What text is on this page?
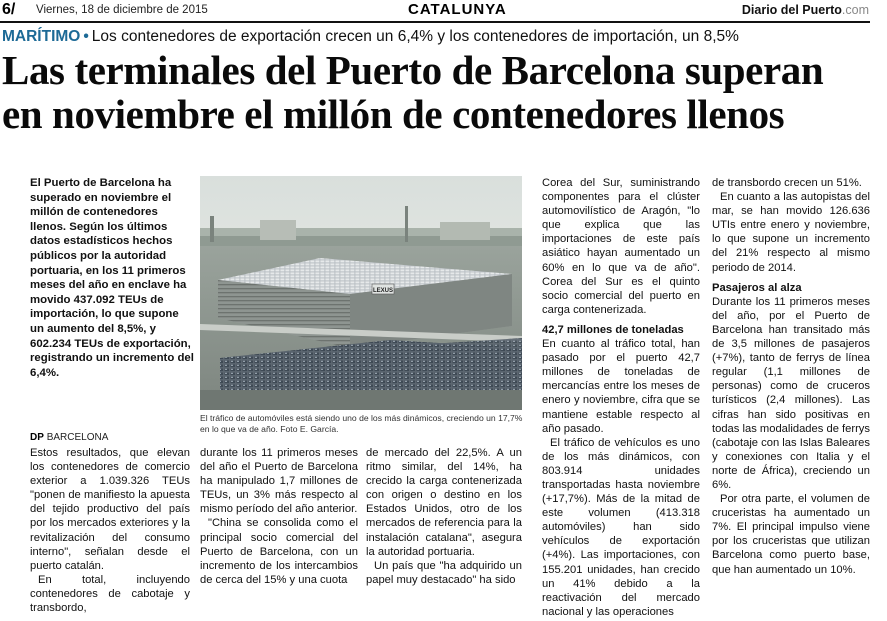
6/ Viernes, 18 de diciembre de 2015	CATALUNYA	Diario del Puerto.com
MARÍTIMO • Los contenedores de exportación crecen un 6,4% y los contenedores de importación, un 8,5%
Las terminales del Puerto de Barcelona superan
en noviembre el millón de contenedores llenos
El Puerto de Barcelona ha superado en noviembre el millón de contenedores llenos. Según los últimos datos estadísticos hechos públicos por la autoridad portuaria, en los 11 primeros meses del año en enclave ha movido 437.092 TEUs de importación, lo que supone un aumento del 8,5%, y 602.234 TEUs de exportación, registrando un incremento del 6,4%.
LEXUS
El tráfico de automóviles está siendo uno de los más dinámicos, creciendo un 17,7% en lo que va de año. Foto E. García.
DP BARCELONA

Estos resultados, que elevan los contenedores de comercio exterior a 1.039.326 TEUs "ponen de manifiesto la apuesta del tejido productivo del país por los mercados exteriores y la revitalización del consumo interno", señalan desde el puerto catalán.

En total, incluyendo contenedores de cabotaje y transbordo,

durante los 11 primeros meses del año el Puerto de Barcelona ha manipulado 1,7 millones de TEUs, un 3% más respecto al mismo período del año anterior.

"China se consolida como el principal socio comercial del Puerto de Barcelona, con un incremento de los intercambios de cerca del 15% y una cuota

de mercado del 22,5%. A un ritmo similar, del 14%, ha crecido la carga contenerizada con origen o destino en los Estados Unidos, otro de los mercados de referencia para la instalación catalana", asegura la autoridad portuaria.

Un país que "ha adquirido un papel muy destacado" ha sido

Corea del Sur, suministrando componentes para el clúster automovilístico de Aragón, "lo que explica que las importaciones de este país asiático hayan aumentado un 60% en lo que va de año". Corea del Sur es el quinto socio comercial del puerto en carga contenerizada.

42,7 millones de toneladas

En cuanto al tráfico total, han pasado por el puerto 42,7 millones de toneladas de mercancías entre los meses de enero y noviembre, cifra que se mantiene estable respecto al año pasado.

El tráfico de vehículos es uno de los más dinámicos, con 803.914 unidades transportadas hasta noviembre (+17,7%). Más de la mitad de este volumen (413.318 automóviles) han sido vehículos de exportación (+4%). Las importaciones, con 155.201 unidades, han crecido un 41% debido a la reactivación del mercado nacional y las operaciones

de transbordo crecen un 51%.

En cuanto a las autopistas del mar, se han movido 126.636 UTIs entre enero y noviembre, lo que supone un incremento del 21% respecto al mismo periodo de 2014.

Pasajeros al alza

Durante los 11 primeros meses del año, por el Puerto de Barcelona han transitado más de 3,5 millones de pasajeros (+7%), tanto de ferrys de línea regular (1,1 millones de personas) como de cruceros turísticos (2,4 millones). Las cifras han sido positivas en todas las modalidades de ferrys (cabotaje con las Islas Baleares y conexiones con Italia y el norte de África), creciendo un 6%.

Por otra parte, el volumen de cruceristas ha aumentado un 7%. El principal impulso viene por los cruceristas que utilizan Barcelona como puerto base, que han aumentado un 10%.
